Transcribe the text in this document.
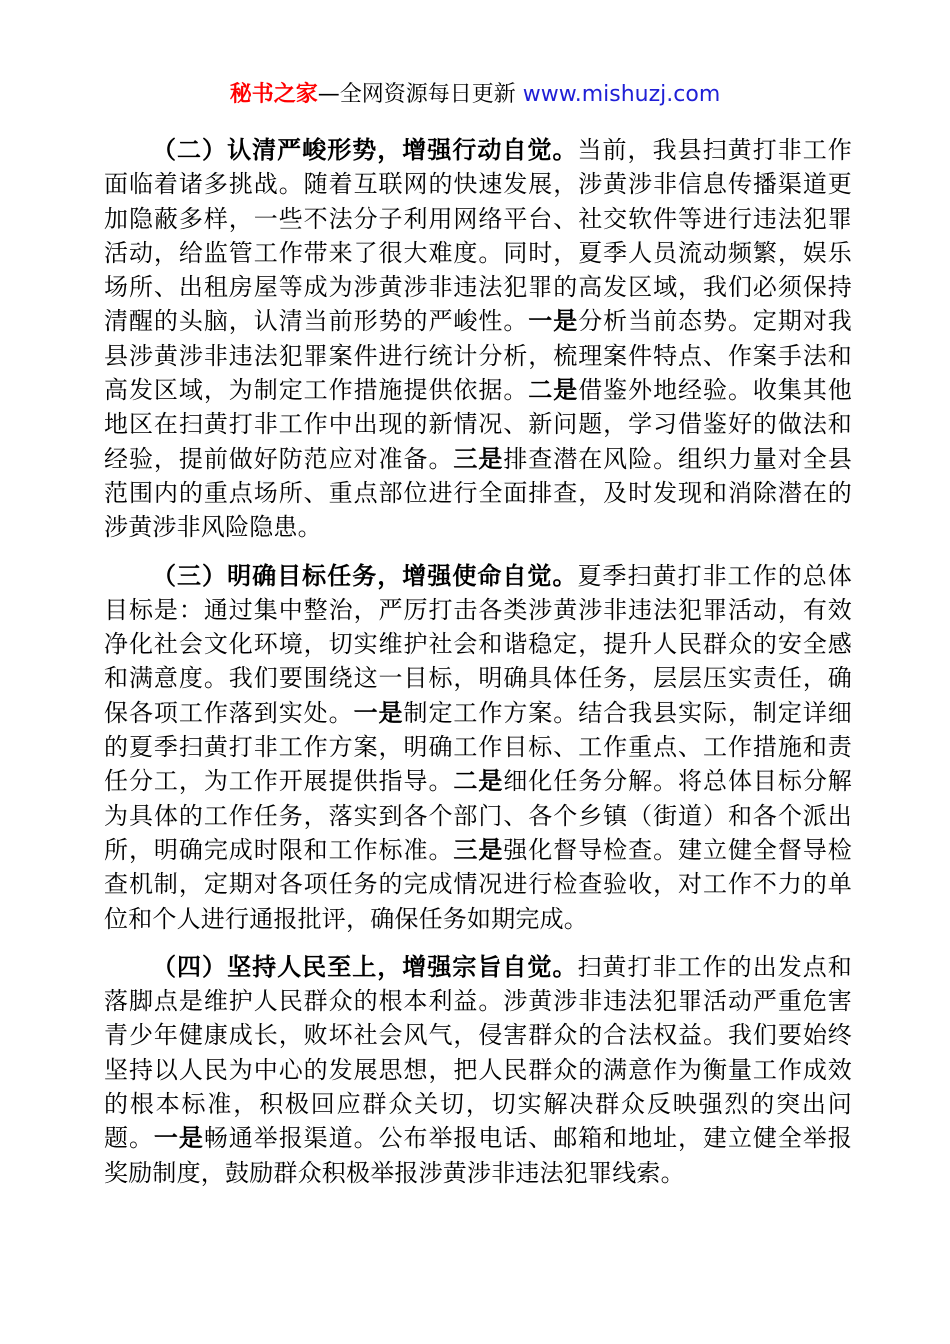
秘书之家—全网资源每日更新 www.mishuzj.com

（二）认清严峻形势，增强行动自觉。当前，我县扫黄打非工作面临着诸多挑战。随着互联网的快速发展，涉黄涉非信息传播渠道更加隐蔽多样，一些不法分子利用网络平台、社交软件等进行违法犯罪活动，给监管工作带来了很大难度。同时，夏季人员流动频繁，娱乐场所、出租房屋等成为涉黄涉非违法犯罪的高发区域，我们必须保持清醒的头脑，认清当前形势的严峻性。一是分析当前态势。定期对我县涉黄涉非违法犯罪案件进行统计分析，梳理案件特点、作案手法和高发区域，为制定工作措施提供依据。二是借鉴外地经验。收集其他地区在扫黄打非工作中出现的新情况、新问题，学习借鉴好的做法和经验，提前做好防范应对准备。三是排查潜在风险。组织力量对全县范围内的重点场所、重点部位进行全面排查，及时发现和消除潜在的涉黄涉非风险隐患。

（三）明确目标任务，增强使命自觉。夏季扫黄打非工作的总体目标是：通过集中整治，严厉打击各类涉黄涉非违法犯罪活动，有效净化社会文化环境，切实维护社会和谐稳定，提升人民群众的安全感和满意度。我们要围绕这一目标，明确具体任务，层层压实责任，确保各项工作落到实处。一是制定工作方案。结合我县实际，制定详细的夏季扫黄打非工作方案，明确工作目标、工作重点、工作措施和责任分工，为工作开展提供指导。二是细化任务分解。将总体目标分解为具体的工作任务，落实到各个部门、各个乡镇（街道）和各个派出所，明确完成时限和工作标准。三是强化督导检查。建立健全督导检查机制，定期对各项任务的完成情况进行检查验收，对工作不力的单位和个人进行通报批评，确保任务如期完成。

（四）坚持人民至上，增强宗旨自觉。扫黄打非工作的出发点和落脚点是维护人民群众的根本利益。涉黄涉非违法犯罪活动严重危害青少年健康成长，败坏社会风气，侵害群众的合法权益。我们要始终坚持以人民为中心的发展思想，把人民群众的满意作为衡量工作成效的根本标准，积极回应群众关切，切实解决群众反映强烈的突出问题。一是畅通举报渠道。公布举报电话、邮箱和地址，建立健全举报奖励制度，鼓励群众积极举报涉黄涉非违法犯罪线索。
